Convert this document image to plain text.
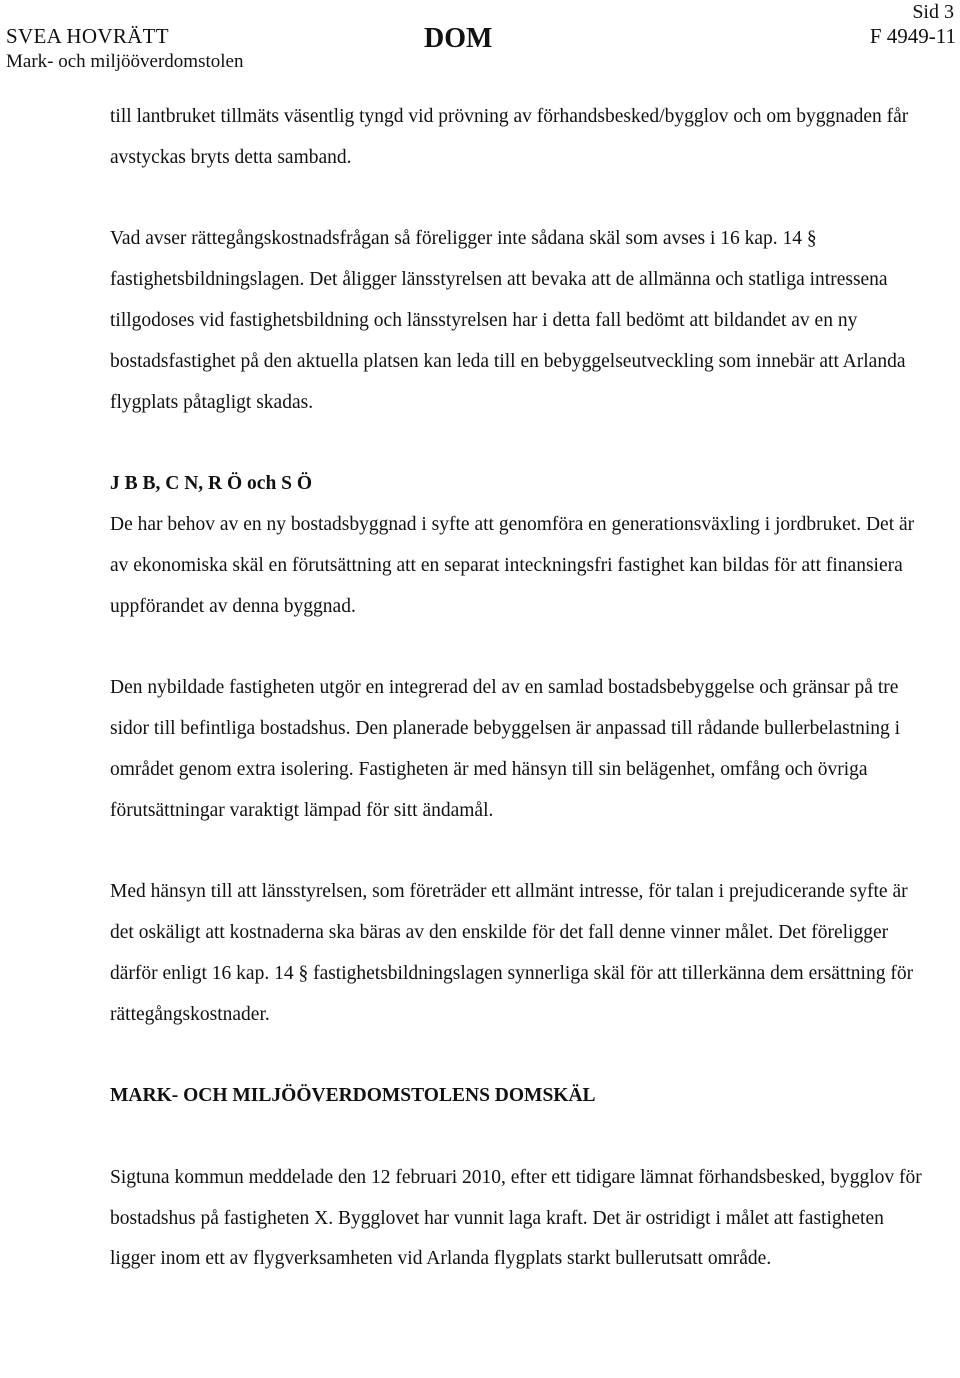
Sid 3
SVEA HOVRÄTT
Mark- och miljööverdomstolen
DOM	F 4949-11

till lantbruket tillmäts väsentlig tyngd vid prövning av förhandsbesked/bygglov och om byggnaden får avstyckas bryts detta samband.

Vad avser rättegångskostnadsfrågan så föreligger inte sådana skäl som avses i 16 kap. 14 § fastighetsbildningslagen. Det åligger länsstyrelsen att bevaka att de allmänna och statliga intressena tillgodoses vid fastighetsbildning och länsstyrelsen har i detta fall bedömt att bildandet av en ny bostadsfastighet på den aktuella platsen kan leda till en bebyggelseutveckling som innebär att Arlanda flygplats påtagligt skadas.

J B B, C N, R Ö och S Ö
De har behov av en ny bostadsbyggnad i syfte att genomföra en generationsväxling i jordbruket. Det är av ekonomiska skäl en förutsättning att en separat inteckningsfri fastighet kan bildas för att finansiera uppförandet av denna byggnad.

Den nybildade fastigheten utgör en integrerad del av en samlad bostadsbebyggelse och gränsar på tre sidor till befintliga bostadshus. Den planerade bebyggelsen är anpassad till rådande bullerbelastning i området genom extra isolering. Fastigheten är med hänsyn till sin belägenhet, omfång och övriga förutsättningar varaktigt lämpad för sitt ändamål.

Med hänsyn till att länsstyrelsen, som företräder ett allmänt intresse, för talan i prejudicerande syfte är det oskäligt att kostnaderna ska bäras av den enskilde för det fall denne vinner målet. Det föreligger därför enligt 16 kap. 14 § fastighetsbildningslagen synnerliga skäl för att tillerkänna dem ersättning för rättegångskostnader.

MARK- OCH MILJÖÖVERDOMSTOLENS DOMSKÄL

Sigtuna kommun meddelade den 12 februari 2010, efter ett tidigare lämnat förhandsbesked, bygglov för bostadshus på fastigheten X. Bygglovet har vunnit laga kraft. Det är ostridigt i målet att fastigheten ligger inom ett av flygverksamheten vid Arlanda flygplats starkt bullerutsatt område.
